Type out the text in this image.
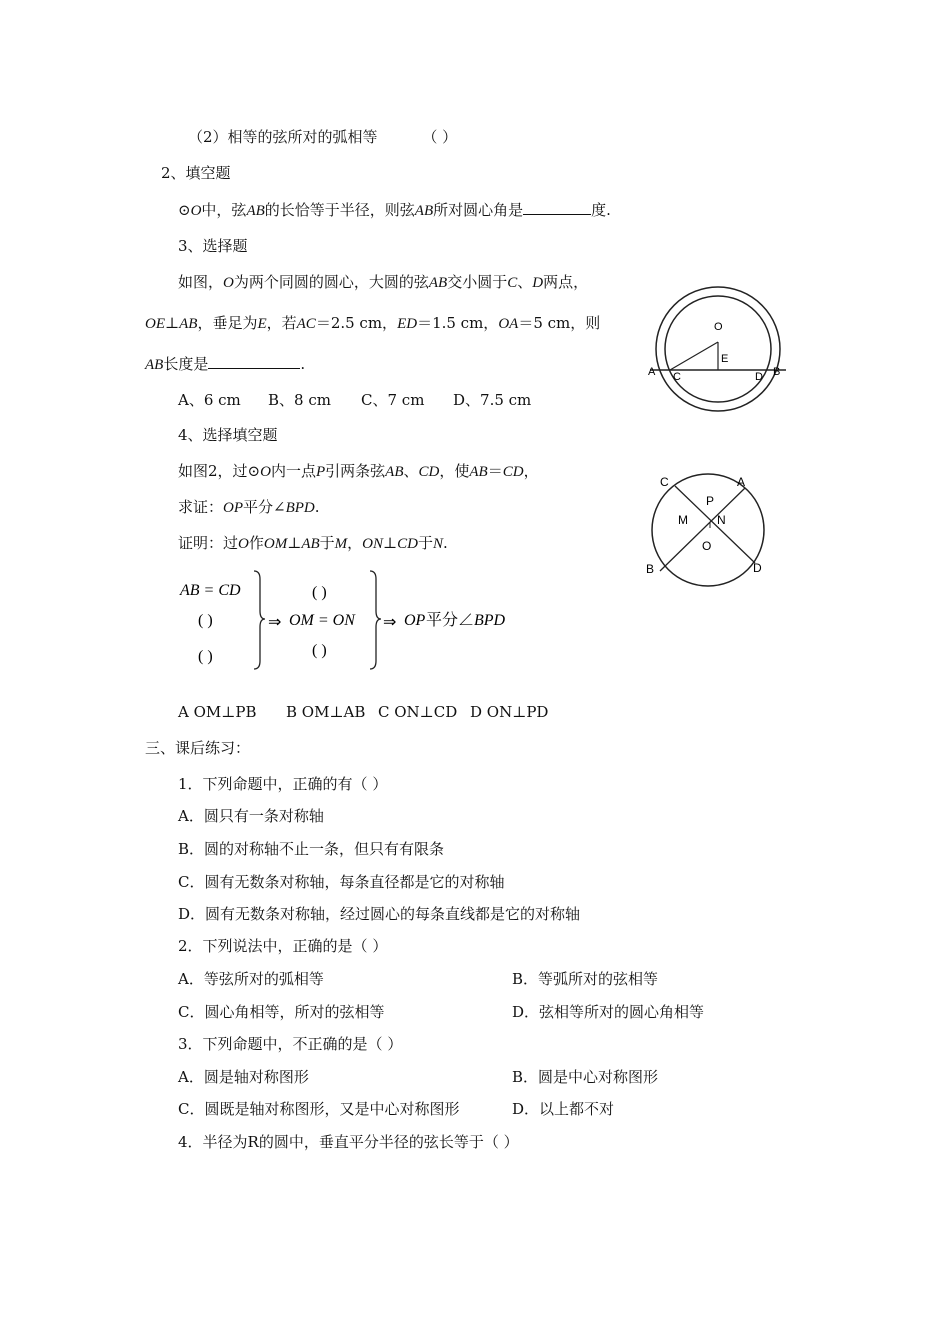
（2）相等的弦所对的弧相等	（ ）
2、填空题
⊙O中，弦AB的长恰等于半径，则弦AB所对圆心角是	度.
3、选择题
如图，O为两个同圆的圆心，大圆的弦AB交小圆于C、D两点，
OE⊥AB，垂足为E，若AC＝2.5 cm，ED＝1.5 cm，OA＝5 cm，则
AB长度是	.
A、6 cm B、8 cm C、7 cm D、7.5 cm
O
E
A C	D B
4、选择填空题
如图2，过⊙O内一点P引两条弦AB、CD，使AB＝CD，
求证：OP平分∠BPD.
证明：过O作OM⊥AB于M，ON⊥CD于N.
AB = CD
( )
( )
⇒
( )
OM = ON
( )
⇒ OP 平分∠ BPD
C	A
P
M N
O
B	D
A OM⊥PB B OM⊥AB C ON⊥CD D ON⊥PD
三、课后练习：
1．下列命题中，正确的有（ ）
A．圆只有一条对称轴
B．圆的对称轴不止一条，但只有有限条
C．圆有无数条对称轴，每条直径都是它的对称轴
D．圆有无数条对称轴，经过圆心的每条直线都是它的对称轴
2．下列说法中，正确的是（ ）
A．等弦所对的弧相等	B．等弧所对的弦相等
C．圆心角相等，所对的弦相等	D．弦相等所对的圆心角相等
3．下列命题中，不正确的是（ ）
A．圆是轴对称图形	B．圆是中心对称图形
C．圆既是轴对称图形，又是中心对称图形	D．以上都不对
4．半径为R的圆中，垂直平分半径的弦长等于（ ）
